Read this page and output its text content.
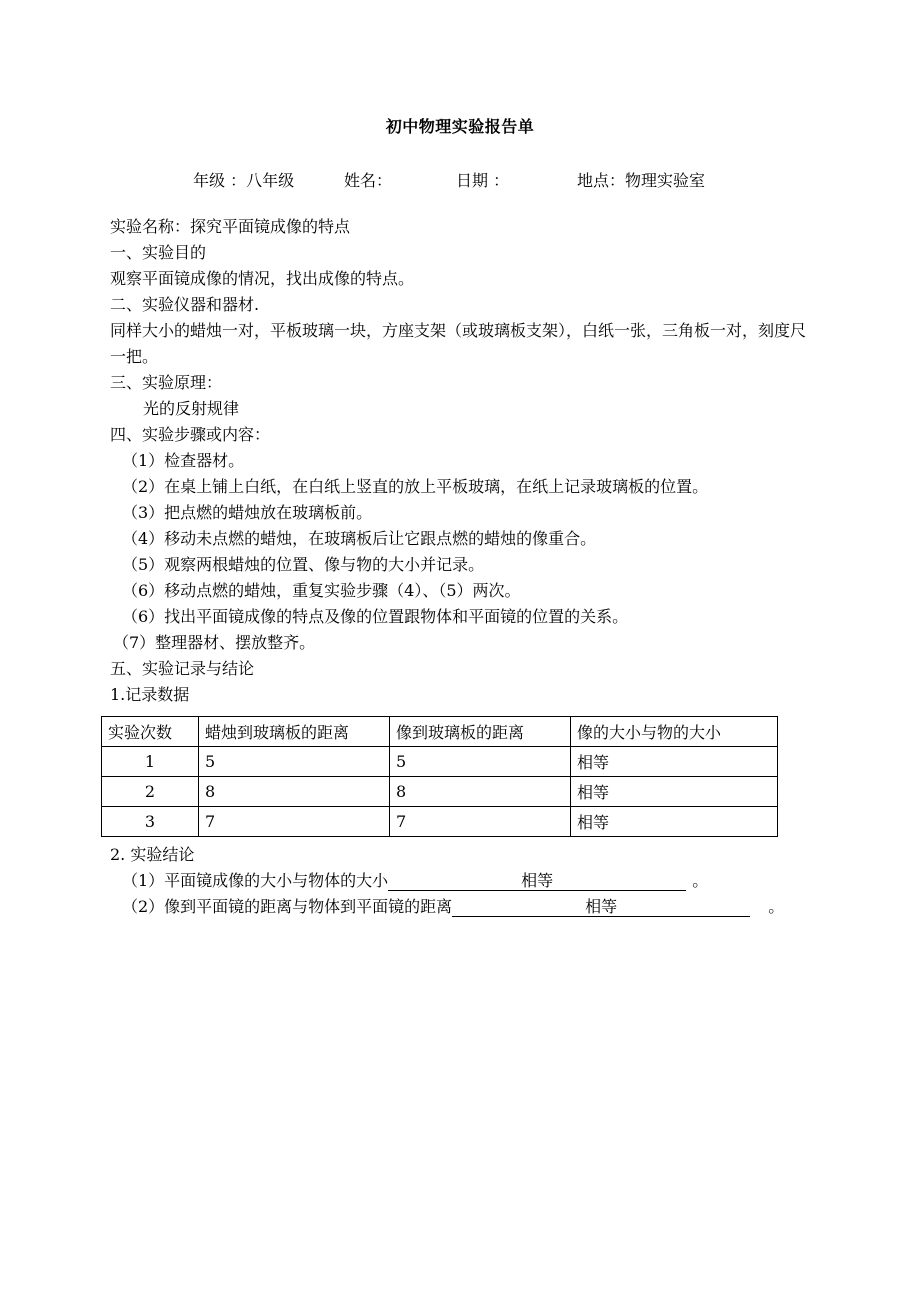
初中物理实验报告单
年级 ：八年级	姓名：	日期 ：	地点：物理实验室
实验名称：探究平面镜成像的特点
一、实验目的
观察平面镜成像的情况，找出成像的特点。
二、实验仪器和器材.
同样大小的蜡烛一对，平板玻璃一块，方座支架（或玻璃板支架），白纸一张，三角板一对，刻度尺一把。
三、实验原理：
光的反射规律
四、实验步骤或内容：
（1）检查器材。
（2）在桌上铺上白纸，在白纸上竖直的放上平板玻璃，在纸上记录玻璃板的位置。
（3）把点燃的蜡烛放在玻璃板前。
（4）移动未点燃的蜡烛，在玻璃板后让它跟点燃的蜡烛的像重合。
（5）观察两根蜡烛的位置、像与物的大小并记录。
（6）移动点燃的蜡烛，重复实验步骤（4）、（5）两次。
（6）找出平面镜成像的特点及像的位置跟物体和平面镜的位置的关系。
（7）整理器材、摆放整齐。
五、实验记录与结论
1.记录数据
实验次数	蜡烛到玻璃板的距离	像到玻璃板的距离	像的大小与物的大小
1	5	5	相等
2	8	8	相等
3	7	7	相等
2. 实验结论
（1）平面镜成像的大小与物体的大小	相等	。
（2）像到平面镜的距离与物体到平面镜的距离	相等	。
